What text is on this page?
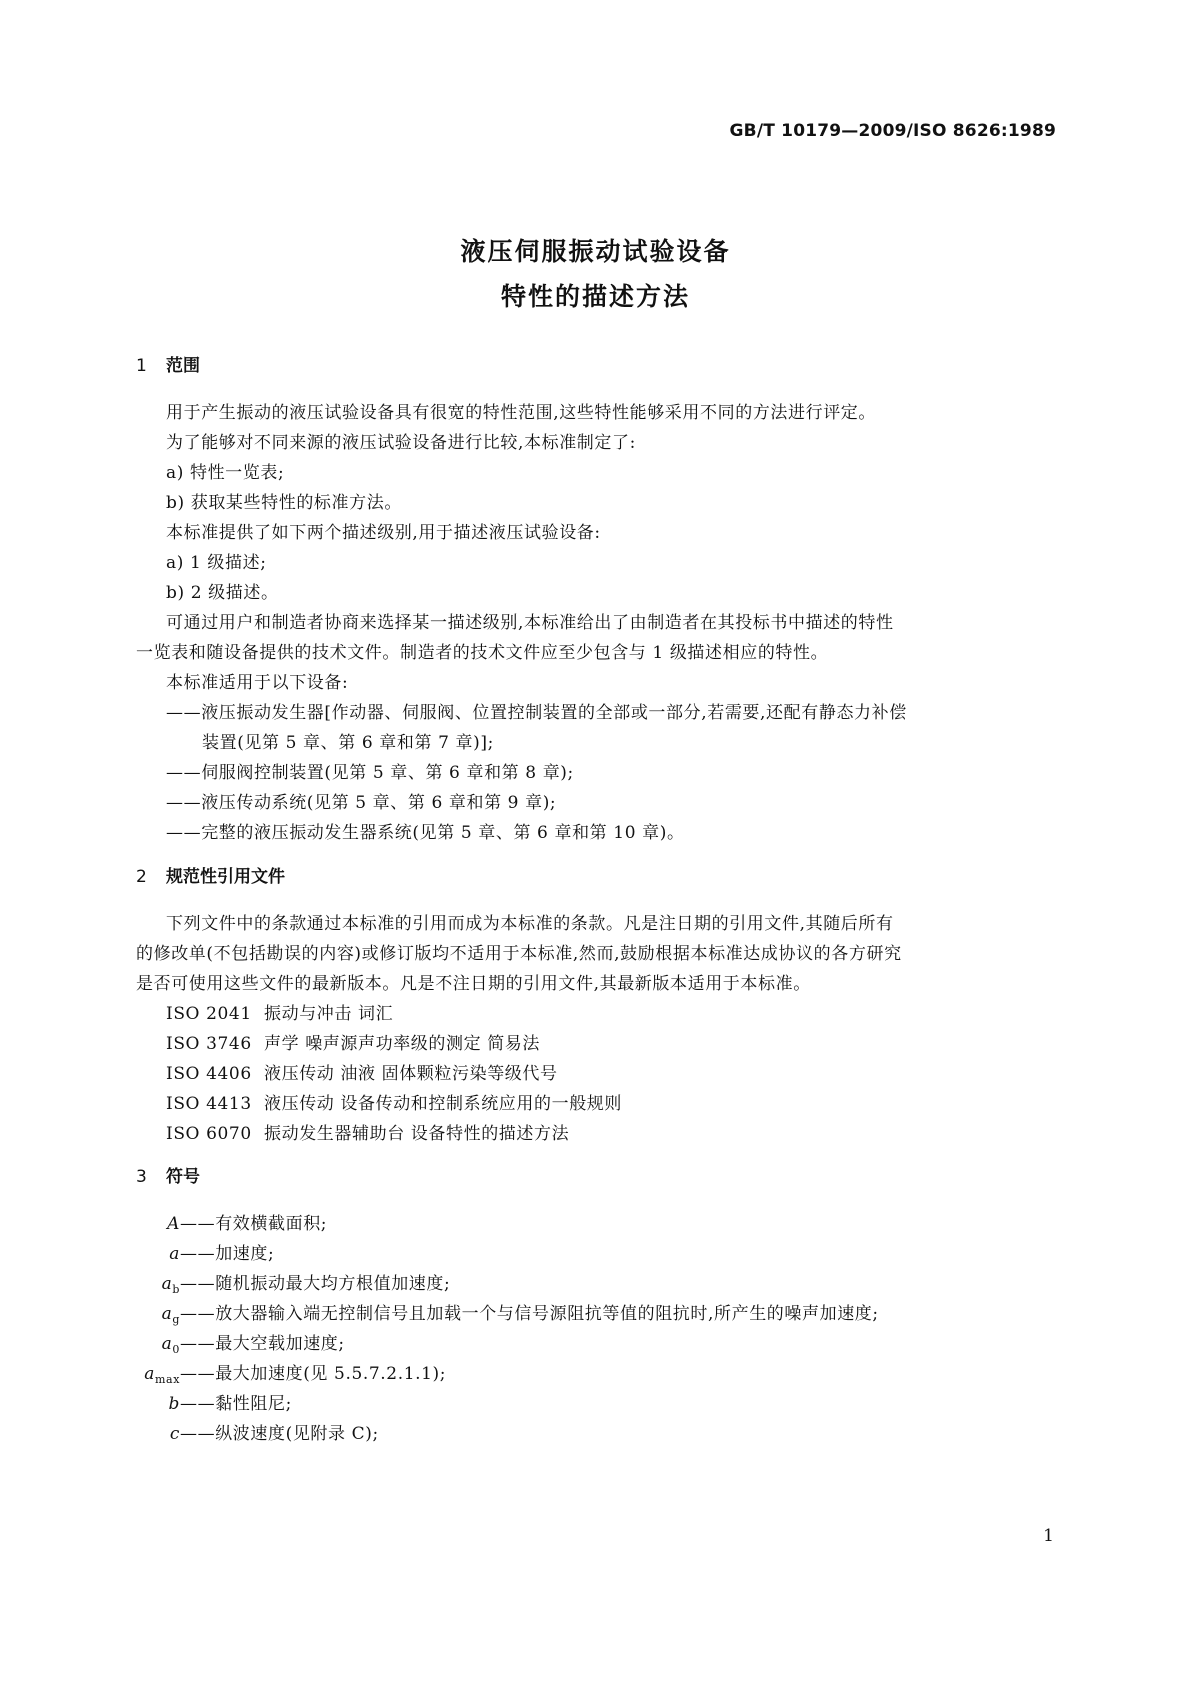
GB/T 10179—2009/ISO 8626:1989
液压伺服振动试验设备
特性的描述方法
1 范围
用于产生振动的液压试验设备具有很宽的特性范围,这些特性能够采用不同的方法进行评定。
为了能够对不同来源的液压试验设备进行比较,本标准制定了:
a) 特性一览表;
b) 获取某些特性的标准方法。
本标准提供了如下两个描述级别,用于描述液压试验设备:
a) 1 级描述;
b) 2 级描述。
可通过用户和制造者协商来选择某一描述级别,本标准给出了由制造者在其投标书中描述的特性
一览表和随设备提供的技术文件。制造者的技术文件应至少包含与 1 级描述相应的特性。
本标准适用于以下设备:
——液压振动发生器[作动器、伺服阀、位置控制装置的全部或一部分,若需要,还配有静态力补偿
装置(见第 5 章、第 6 章和第 7 章)];
——伺服阀控制装置(见第 5 章、第 6 章和第 8 章);
——液压传动系统(见第 5 章、第 6 章和第 9 章);
——完整的液压振动发生器系统(见第 5 章、第 6 章和第 10 章)。
2 规范性引用文件
下列文件中的条款通过本标准的引用而成为本标准的条款。凡是注日期的引用文件,其随后所有
的修改单(不包括勘误的内容)或修订版均不适用于本标准,然而,鼓励根据本标准达成协议的各方研究
是否可使用这些文件的最新版本。凡是不注日期的引用文件,其最新版本适用于本标准。
ISO 2041 振动与冲击 词汇
ISO 3746 声学 噪声源声功率级的测定 简易法
ISO 4406 液压传动 油液 固体颗粒污染等级代号
ISO 4413 液压传动 设备传动和控制系统应用的一般规则
ISO 6070 振动发生器辅助台 设备特性的描述方法
3 符号
A——有效横截面积;
a——加速度;
$a_b——$随机振动最大均方根值加速度;
$a_g——$放大器输入端无控制信号且加载一个与信号源阻抗等值的阻抗时,所产生的噪声加速度;
$a_0——$最大空载加速度;
$a_{max}——$最大加速度(见 5.5.7.2.1.1);
b——黏性阻尼;
c——纵波速度(见附录 C);
1
